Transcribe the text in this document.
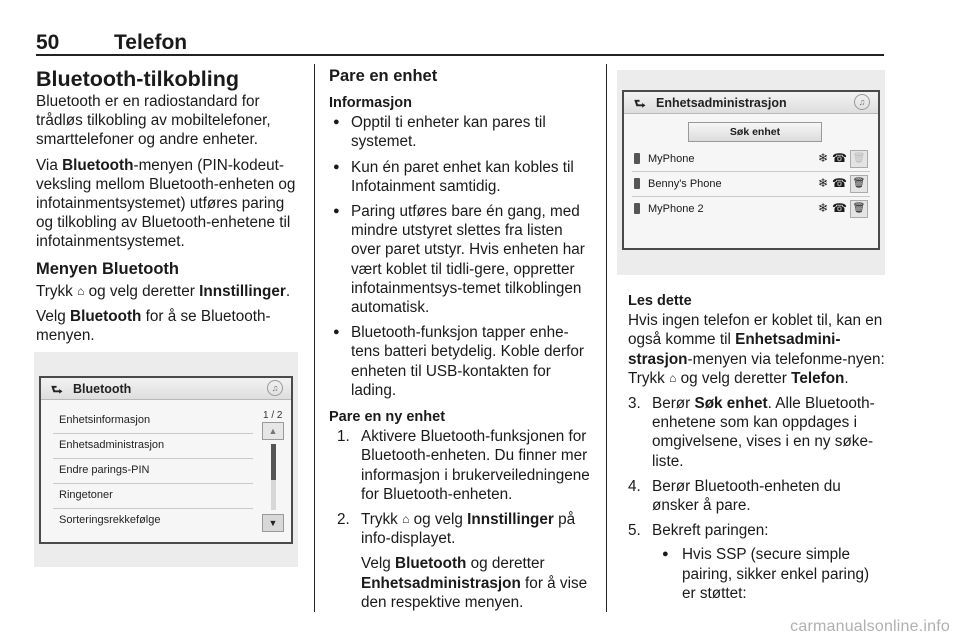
50	Telefon
Bluetooth-tilkobling

Bluetooth er en radiostandard for trådløs tilkobling av mobiltelefoner, smarttelefoner og andre enheter.

Via Bluetooth-menyen (PIN-kodeut-veksling mellom Bluetooth-enheten og infotainmentsystemet) utføres paring og tilkobling av Bluetooth-enhetene til infotainmentsystemet.

Menyen Bluetooth

Trykk ⌂ og velg deretter Innstillinger.

Velg Bluetooth for å se Bluetooth-menyen.

⮑ Bluetooth	♫
Enhetsinformasjon
Enhetsadministrasjon
Endre parings-PIN
Ringetoner
Sorteringsrekkefølge
1 / 2
▲
▼
Pare en enhet
Informasjon
● Opptil ti enheter kan pares til systemet.
● Kun én paret enhet kan kobles til Infotainment samtidig.
● Paring utføres bare én gang, med mindre utstyret slettes fra listen over paret utstyr. Hvis enheten har vært koblet til tidli-gere, oppretter infotainmentsys-temet tilkoblingen automatisk.
● Bluetooth-funksjon tapper enhe-tens batteri betydelig. Koble derfor enheten til USB-kontakten for lading.
Pare en ny enhet
1. Aktivere Bluetooth-funksjonen for Bluetooth-enheten. Du finner mer informasjon i brukerveiledningene for Bluetooth-enheten.
2. Trykk ⌂ og velg Innstillinger på info-displayet.
Velg Bluetooth og deretter Enhetsadministrasjon for å vise den respektive menyen.
⮑ Enhetsadministrasjon	♫
Søk enhet
MyPhone	❄ ☎ 🗑
Benny's Phone	❄ ☎ 🗑
MyPhone 2	❄ ☎ 🗑
Les dette

Hvis ingen telefon er koblet til, kan en også komme til Enhetsadmini-strasjon-menyen via telefonme-nyen: Trykk ⌂ og velg deretter Telefon.

3. Berør Søk enhet. Alle Bluetooth-enhetene som kan oppdages i omgivelsene, vises i en ny søke-liste.
4. Berør Bluetooth-enheten du ønsker å pare.
5. Bekreft paringen:
● Hvis SSP (secure simple pairing, sikker enkel paring) er støttet:
carmanualsonline.info
